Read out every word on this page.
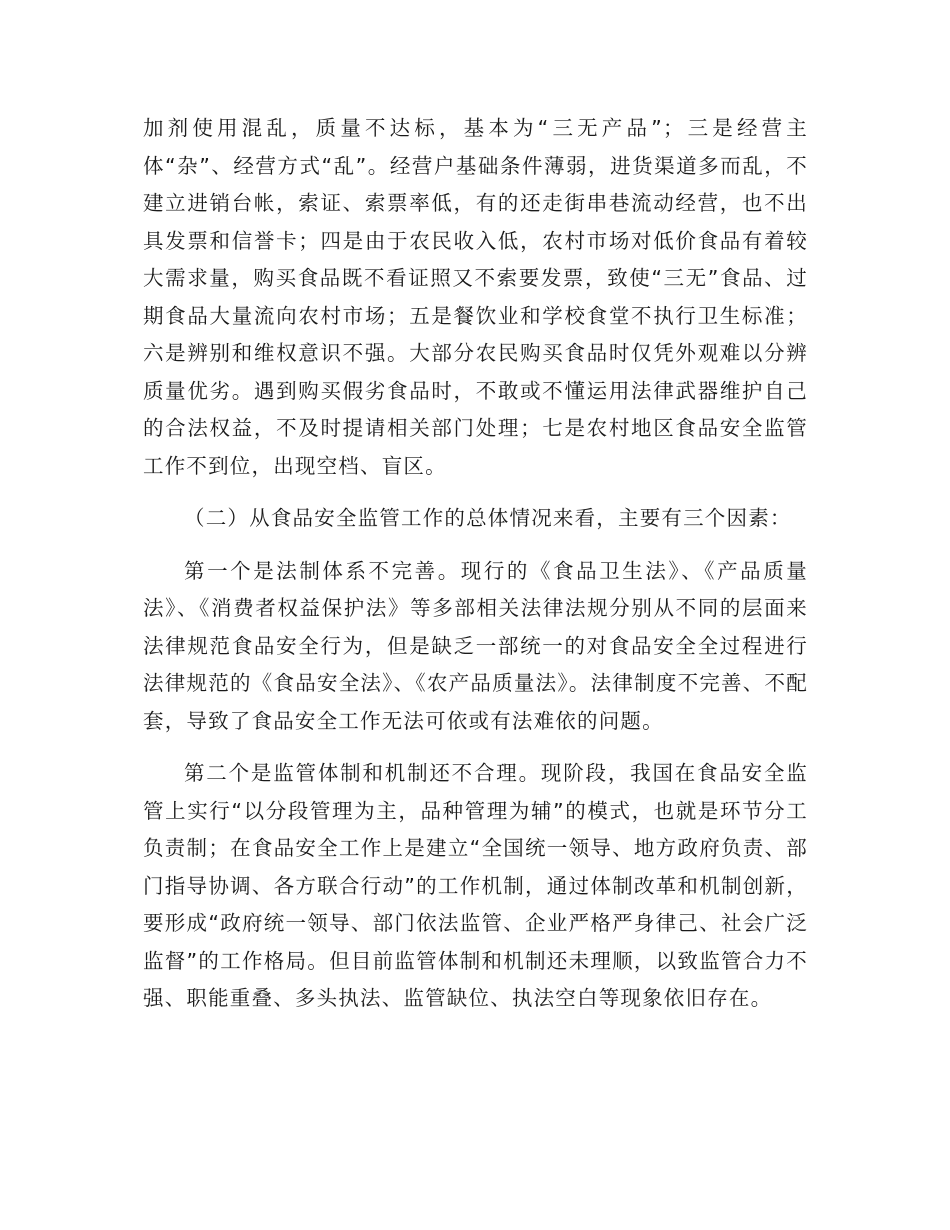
加剂使用混乱，质量不达标，基本为“三无产品”；三是经营主体“杂”、经营方式“乱”。经营户基础条件薄弱，进货渠道多而乱，不建立进销台帐，索证、索票率低，有的还走街串巷流动经营，也不出具发票和信誉卡；四是由于农民收入低，农村市场对低价食品有着较大需求量，购买食品既不看证照又不索要发票，致使“三无”食品、过期食品大量流向农村市场；五是餐饮业和学校食堂不执行卫生标准；六是辨别和维权意识不强。大部分农民购买食品时仅凭外观难以分辨质量优劣。遇到购买假劣食品时，不敢或不懂运用法律武器维护自己的合法权益，不及时提请相关部门处理；七是农村地区食品安全监管工作不到位，出现空档、盲区。

（二）从食品安全监管工作的总体情况来看，主要有三个因素：

第一个是法制体系不完善。现行的《食品卫生法》、《产品质量法》、《消费者权益保护法》等多部相关法律法规分别从不同的层面来法律规范食品安全行为，但是缺乏一部统一的对食品安全全过程进行法律规范的《食品安全法》、《农产品质量法》。法律制度不完善、不配套，导致了食品安全工作无法可依或有法难依的问题。

第二个是监管体制和机制还不合理。现阶段，我国在食品安全监管上实行“以分段管理为主，品种管理为辅”的模式，也就是环节分工负责制；在食品安全工作上是建立“全国统一领导、地方政府负责、部门指导协调、各方联合行动”的工作机制，通过体制改革和机制创新，要形成“政府统一领导、部门依法监管、企业严格严身律己、社会广泛监督”的工作格局。但目前监管体制和机制还未理顺，以致监管合力不强、职能重叠、多头执法、监管缺位、执法空白等现象依旧存在。
